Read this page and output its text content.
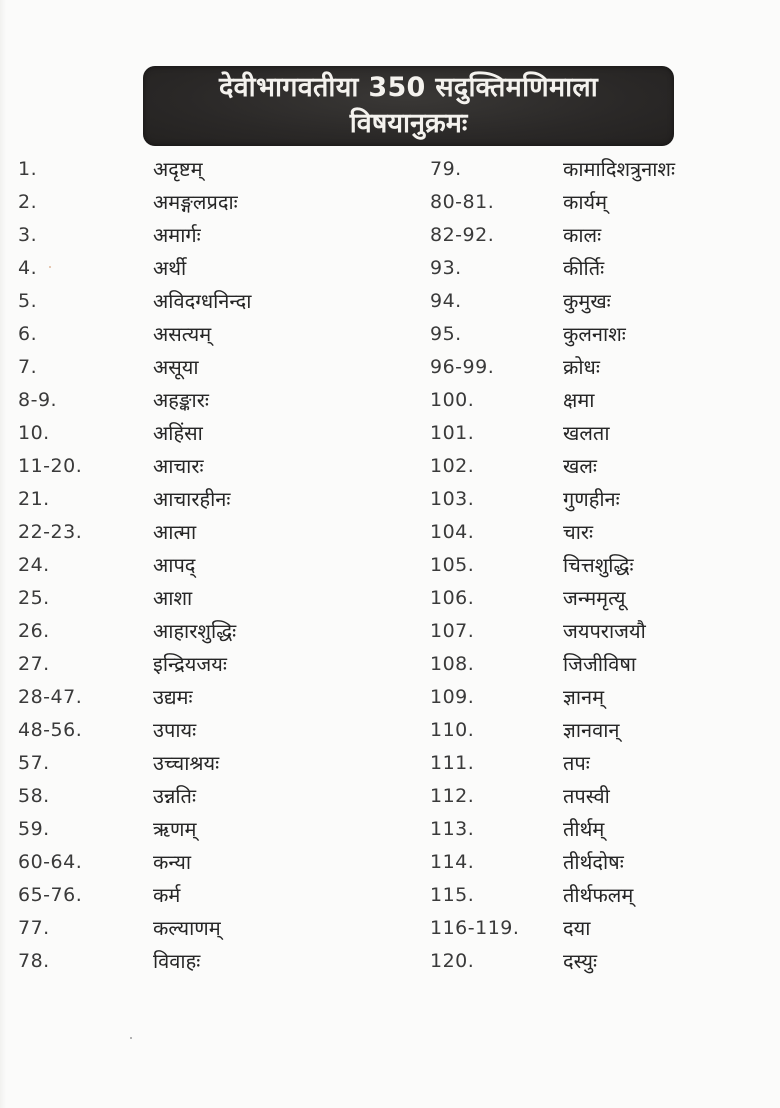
देवीभागवतीया 350 सदुक्तिमणिमाला
विषयानुक्रमः
1.	अदृष्टम्
2.	अमङ्गलप्रदाः
3.	अमार्गः
4.	अर्थी
5.	अविदग्धनिन्दा
6.	असत्यम्
7.	असूया
8-9.	अहङ्कारः
10.	अहिंसा
11-20.	आचारः
21.	आचारहीनः
22-23.	आत्मा
24.	आपद्
25.	आशा
26.	आहारशुद्धिः
27.	इन्द्रियजयः
28-47.	उद्यमः
48-56.	उपायः
57.	उच्चाश्रयः
58.	उन्नतिः
59.	ऋणम्
60-64.	कन्या
65-76.	कर्म
77.	कल्याणम्
78.	विवाहः
79.	कामादिशत्रुनाशः
80-81.	कार्यम्
82-92.	कालः
93.	कीर्तिः
94.	कुमुखः
95.	कुलनाशः
96-99.	क्रोधः
100.	क्षमा
101.	खलता
102.	खलः
103.	गुणहीनः
104.	चारः
105.	चित्तशुद्धिः
106.	जन्ममृत्यू
107.	जयपराजयौ
108.	जिजीविषा
109.	ज्ञानम्
110.	ज्ञानवान्
111.	तपः
112.	तपस्वी
113.	तीर्थम्
114.	तीर्थदोषः
115.	तीर्थफलम्
116-119. दया
120.	दस्युः
